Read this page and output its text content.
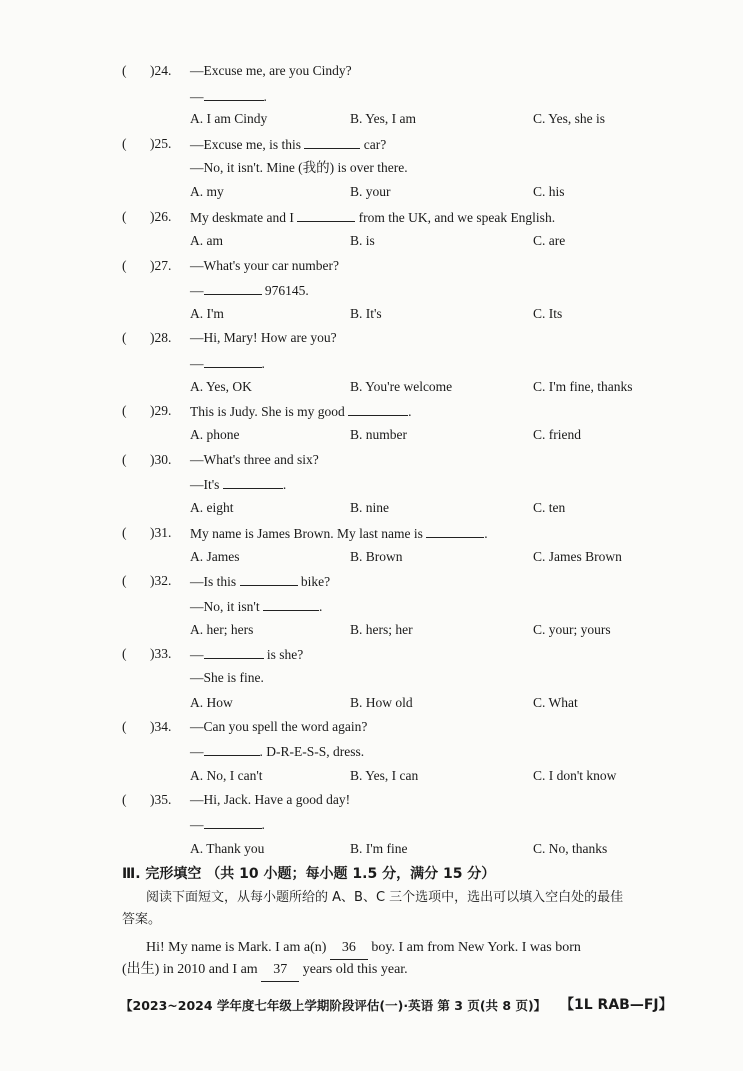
( )24. —Excuse me, are you Cindy?
—	.
A. I am Cindy	B. Yes, I am	C. Yes, she is
( )25. —Excuse me, is this	car?
—No, it isn't. Mine (我的) is over there.
A. my	B. your	C. his
( )26. My deskmate and I	from the UK, and we speak English.
A. am	B. is	C. are
( )27. —What's your car number?
—	976145.
A. I'm	B. It's	C. Its
( )28. —Hi, Mary! How are you?
—	.
A. Yes, OK	B. You're welcome	C. I'm fine, thanks
( )29. This is Judy. She is my good	.
A. phone	B. number	C. friend
( )30. —What's three and six?
—It's	.
A. eight	B. nine	C. ten
( )31. My name is James Brown. My last name is	.
A. James	B. Brown	C. James Brown
( )32. —Is this	bike?
—No, it isn't	.
A. her; hers	B. hers; her	C. your; yours
( )33. —	is she?
—She is fine.
A. How	B. How old	C. What
( )34. —Can you spell the word again?
—	. D-R-E-S-S, dress.
A. No, I can't	B. Yes, I can	C. I don't know
( )35. —Hi, Jack. Have a good day!
—	.
A. Thank you	B. I'm fine	C. No, thanks
Ⅲ. 完形填空 （共 10 小题；每小题 1.5 分，满分 15 分）
阅读下面短文，从每小题所给的 A、B、C 三个选项中，选出可以填入空白处的最佳
答案。
Hi! My name is Mark. I am a(n) 36 boy. I am from New York. I was born
(出生) in 2010 and I am 37 years old this year.
【2023~2024 学年度七年级上学期阶段评估(一)·英语 第 3 页(共 8 页)】 【1L RAB—FJ】
